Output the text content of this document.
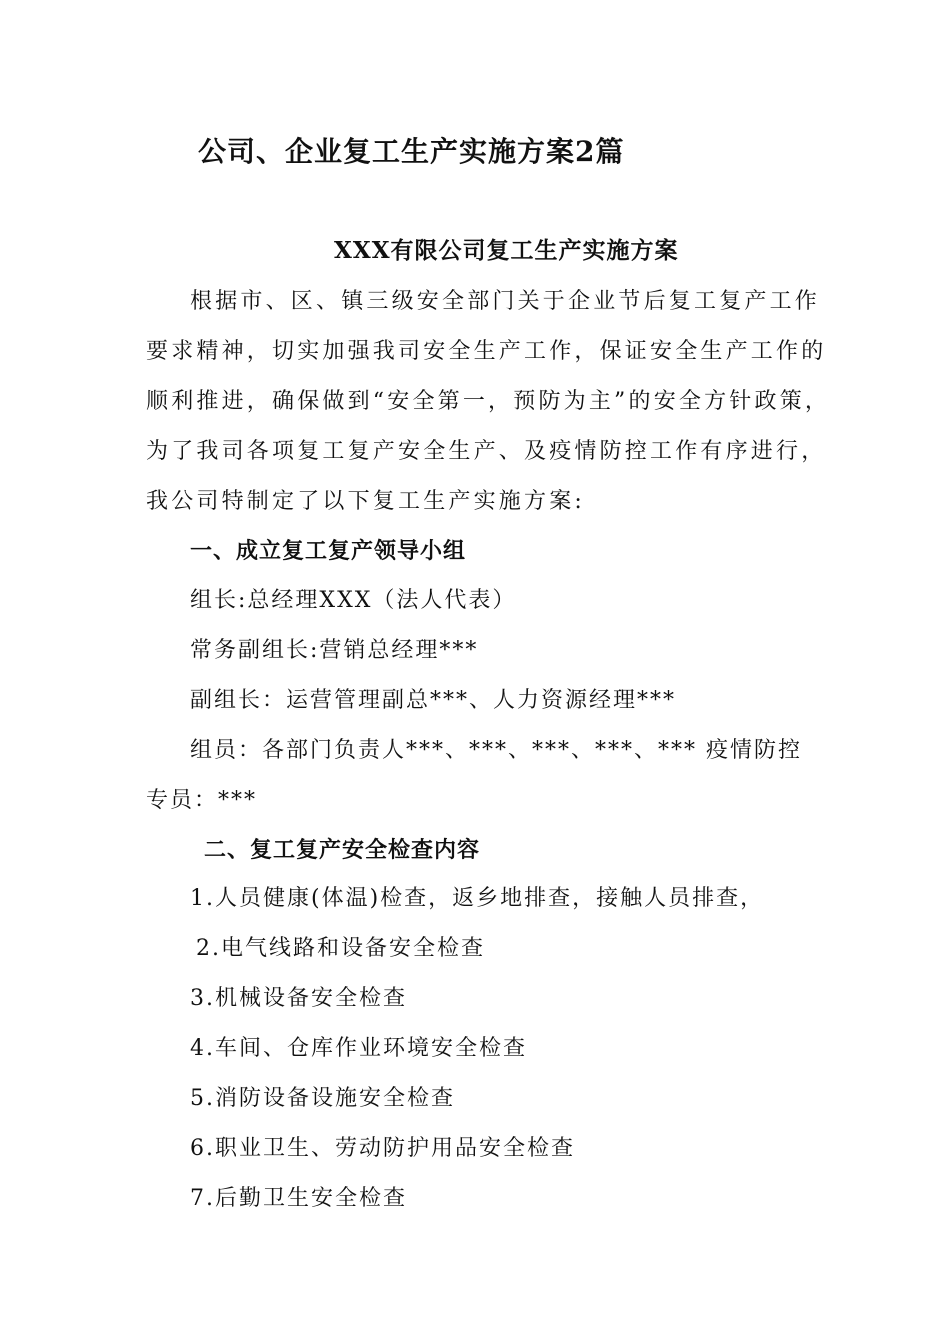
公司、企业复工生产实施方案2篇
XXX有限公司复工生产实施方案
根据市、区、镇三级安全部门关于企业节后复工复产工作
要求精神，切实加强我司安全生产工作，保证安全生产工作的
顺利推进，确保做到“安全第一，预防为主”的安全方针政策，
为了我司各项复工复产安全生产、及疫情防控工作有序进行，
我公司特制定了以下复工生产实施方案:
一、成立复工复产领导小组
组长:总经理XXX（法人代表）
常务副组长:营销总经理***
副组长：运营管理副总***、人力资源经理***
组员：各部门负责人***、***、***、***、*** 疫情防控
专员：***
二、复工复产安全检查内容
1.人员健康(体温)检查，返乡地排查，接触人员排查，
2.电气线路和设备安全检查
3.机械设备安全检查
4.车间、仓库作业环境安全检查
5.消防设备设施安全检查
6.职业卫生、劳动防护用品安全检查
7.后勤卫生安全检查
